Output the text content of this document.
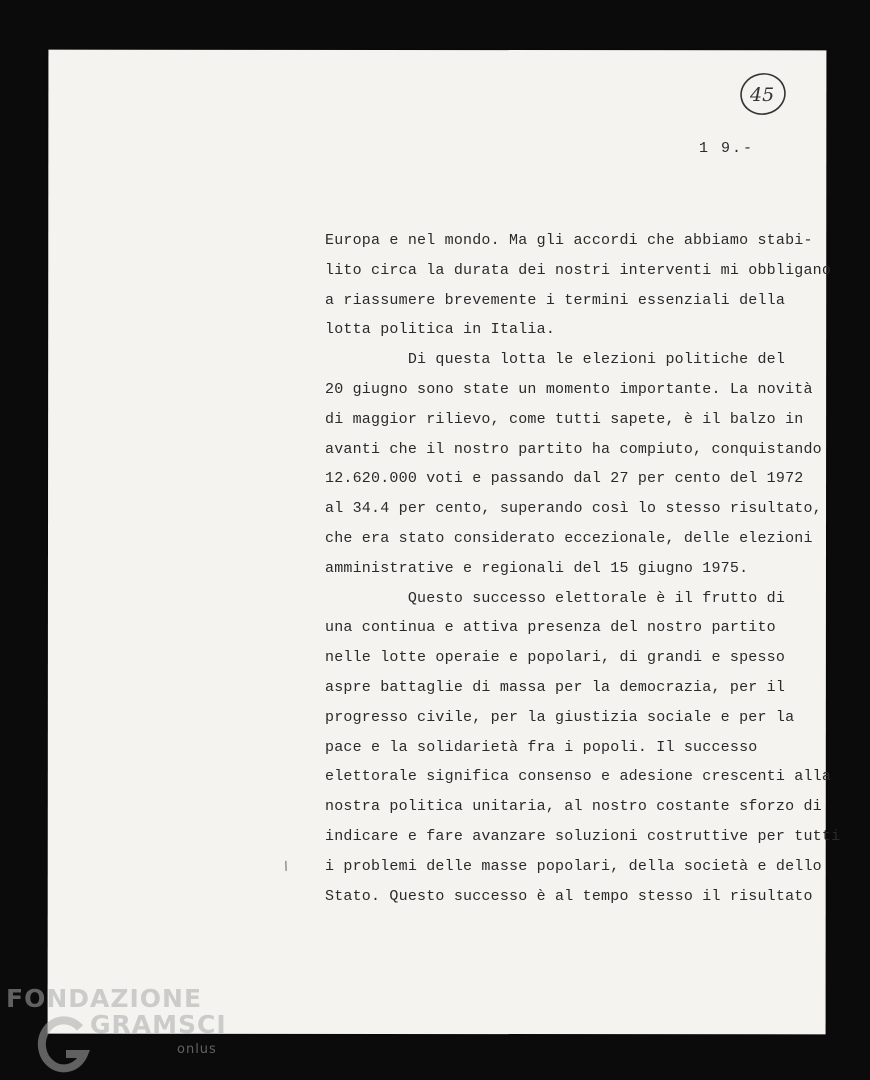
45
1 9.-
Europa e nel mondo. Ma gli accordi che abbiamo stabi-
lito circa la durata dei nostri interventi mi obbligano
a riassumere brevemente i termini essenziali della
lotta politica in Italia.
Di questa lotta le elezioni politiche del
20 giugno sono state un momento importante. La novità
di maggior rilievo, come tutti sapete, è il balzo in
avanti che il nostro partito ha compiuto, conquistando
12.620.000 voti e passando dal 27 per cento del 1972
al 34.4 per cento, superando così lo stesso risultato,
che era stato considerato eccezionale, delle elezioni
amministrative e regionali del 15 giugno 1975.
Questo successo elettorale è il frutto di
una continua e attiva presenza del nostro partito
nelle lotte operaie e popolari, di grandi e spesso
aspre battaglie di massa per la democrazia, per il
progresso civile, per la giustizia sociale e per la
pace e la solidarietà fra i popoli. Il successo
elettorale significa consenso e adesione crescenti alla
nostra politica unitaria, al nostro costante sforzo di
indicare e fare avanzare soluzioni costruttive per tutti
i problemi delle masse popolari, della società e dello
Stato. Questo successo è al tempo stesso il risultato
/
FONDAZIONE
GRAMSCI
onlus
